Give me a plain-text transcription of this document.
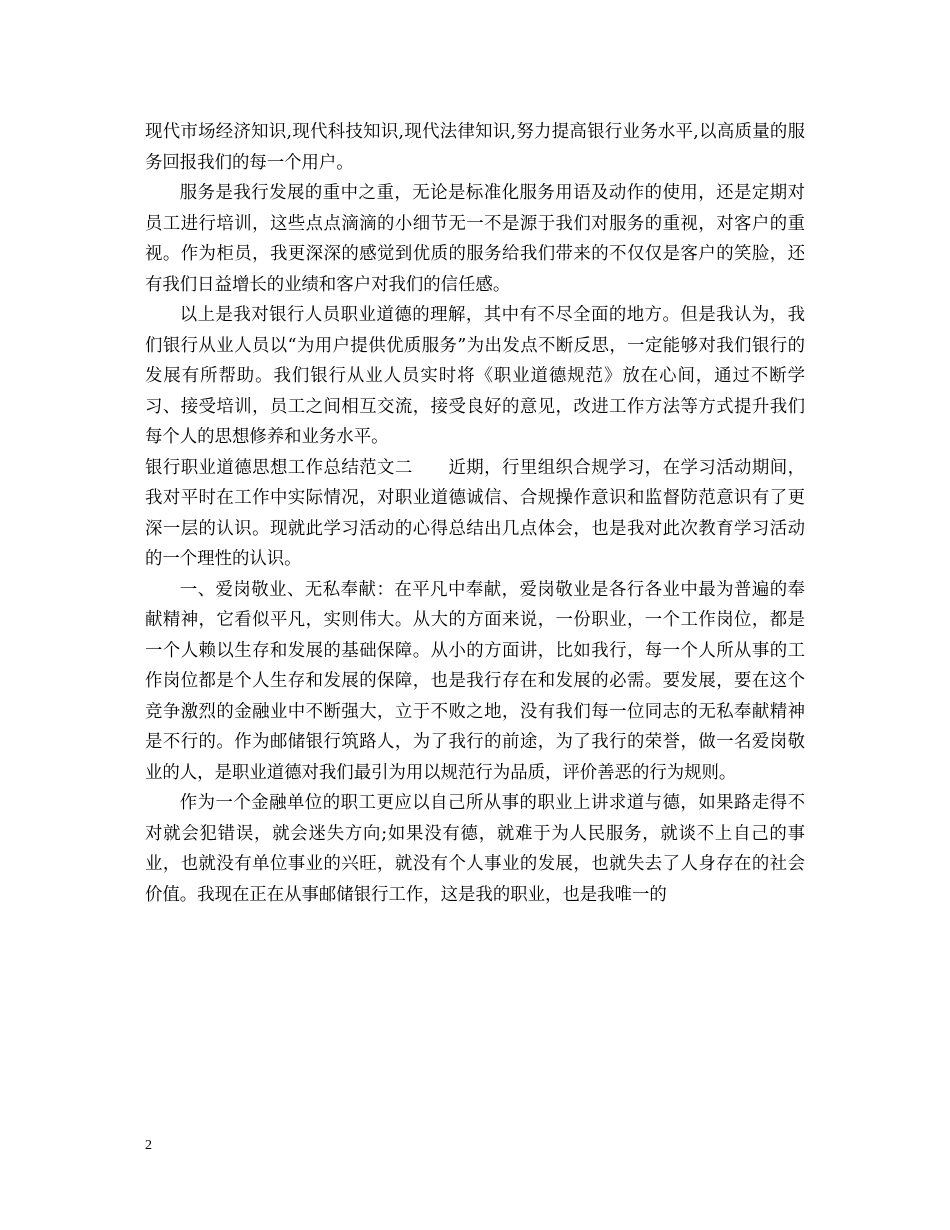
现代市场经济知识,现代科技知识,现代法律知识,努力提高银行业务水平,以高质量的服务回报我们的每一个用户。

服务是我行发展的重中之重，无论是标准化服务用语及动作的使用，还是定期对员工进行培训，这些点点滴滴的小细节无一不是源于我们对服务的重视，对客户的重视。作为柜员，我更深深的感觉到优质的服务给我们带来的不仅仅是客户的笑脸，还有我们日益增长的业绩和客户对我们的信任感。

以上是我对银行人员职业道德的理解，其中有不尽全面的地方。但是我认为，我们银行从业人员以“为用户提供优质服务”为出发点不断反思，一定能够对我们银行的发展有所帮助。我们银行从业人员实时将《职业道德规范》放在心间，通过不断学习、接受培训，员工之间相互交流，接受良好的意见，改进工作方法等方式提升我们每个人的思想修养和业务水平。

银行职业道德思想工作总结范文二　　近期，行里组织合规学习，在学习活动期间，我对平时在工作中实际情况，对职业道德诚信、合规操作意识和监督防范意识有了更深一层的认识。现就此学习活动的心得总结出几点体会，也是我对此次教育学习活动的一个理性的认识。

一、爱岗敬业、无私奉献：在平凡中奉献，爱岗敬业是各行各业中最为普遍的奉献精神，它看似平凡，实则伟大。从大的方面来说，一份职业，一个工作岗位，都是一个人赖以生存和发展的基础保障。从小的方面讲，比如我行，每一个人所从事的工作岗位都是个人生存和发展的保障，也是我行存在和发展的必需。要发展，要在这个竞争激烈的金融业中不断强大，立于不败之地，没有我们每一位同志的无私奉献精神是不行的。作为邮储银行筑路人，为了我行的前途，为了我行的荣誉，做一名爱岗敬业的人，是职业道德对我们最引为用以规范行为品质，评价善恶的行为规则。

作为一个金融单位的职工更应以自己所从事的职业上讲求道与德，如果路走得不对就会犯错误，就会迷失方向;如果没有德，就难于为人民服务，就谈不上自己的事业，也就没有单位事业的兴旺，就没有个人事业的发展，也就失去了人身存在的社会价值。我现在正在从事邮储银行工作，这是我的职业，也是我唯一的

2
